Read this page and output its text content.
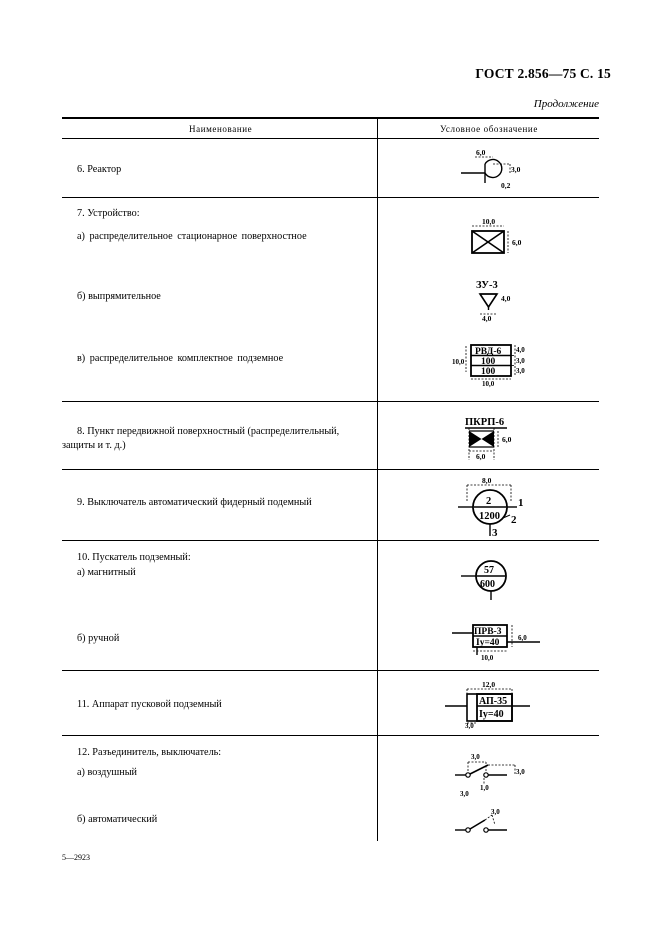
ГОСТ 2.856—75 С. 15
Продолжение
Наименование	Условное обозначение
6. Реактор
7. Устройство:
а) распределительное стационарное поверхностное
б) выпрямительное
в) распределительное комплектное подземное
8. Пункт передвижной поверхностный (распределительный, защиты и т. д.)
9. Выключатель автоматический фидерный подемный
10. Пускатель подземный:
а) магнитный
б) ручной
11. Аппарат пусковой подземный
12. Разъединитель, выключатель:
а) воздушный
б) автоматический
6,0
3,0
0,2
10,0
6,0
ЗУ-3
4,0
4,0
РВД-6
100
100
10,0
4,0
3,0
3,0
10,0
ПКРП-6
6,0
6,0
8,0
2
1200
1
2
3
57
600
ПРВ-3
Iу=40	6,0
10,0
12,0
АП-35
Iу=40
3,0
3,0
3,0
1,0
3,0
3,0
5—2923
